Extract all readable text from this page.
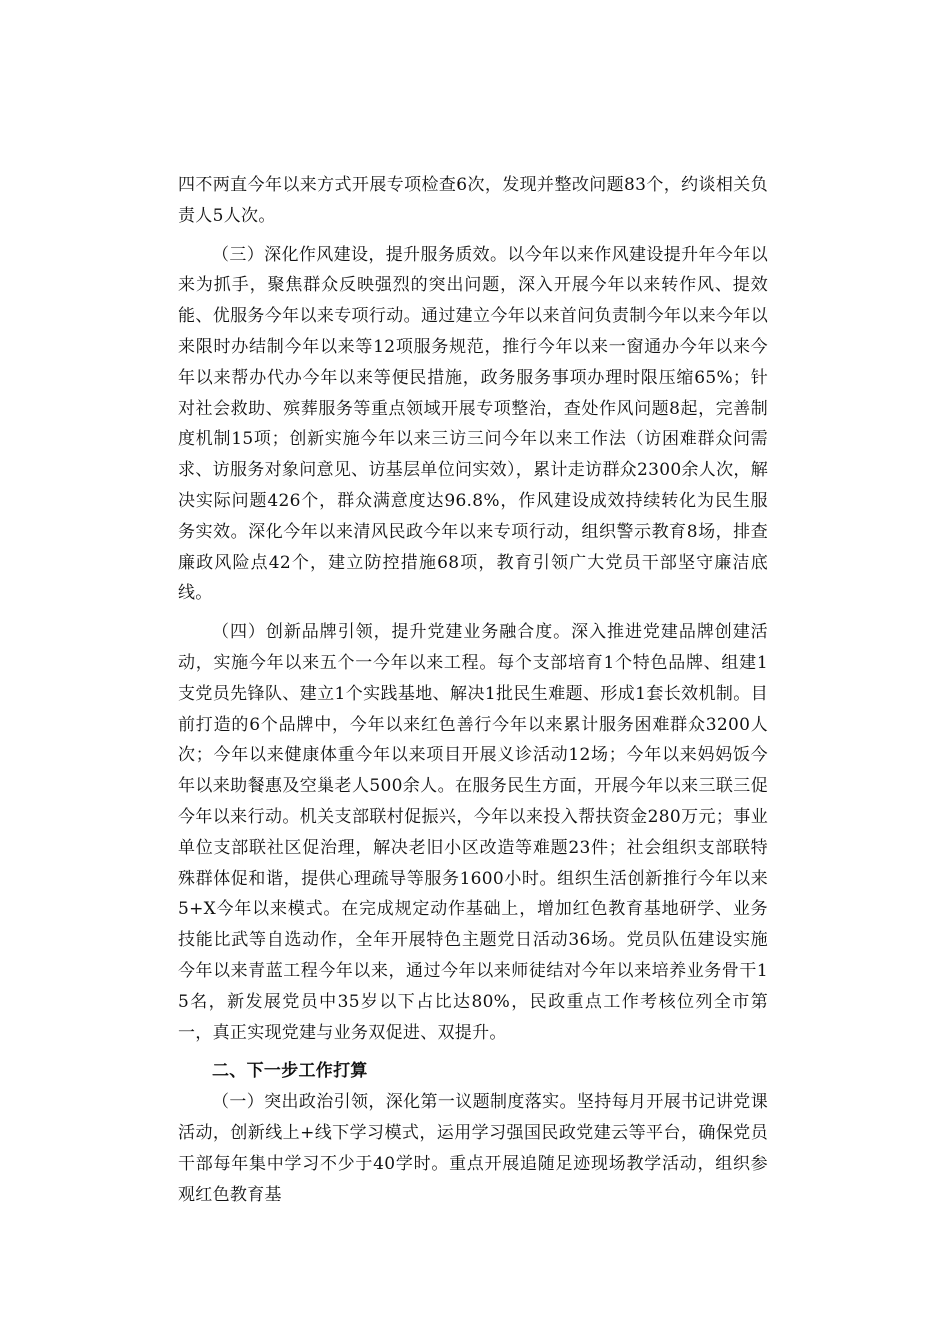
四不两直今年以来方式开展专项检查6次，发现并整改问题83个，约谈相关负责人5人次。

（三）深化作风建设，提升服务质效。以今年以来作风建设提升年今年以来为抓手，聚焦群众反映强烈的突出问题，深入开展今年以来转作风、提效能、优服务今年以来专项行动。通过建立今年以来首问负责制今年以来今年以来限时办结制今年以来等12项服务规范，推行今年以来一窗通办今年以来今年以来帮办代办今年以来等便民措施，政务服务事项办理时限压缩65%；针对社会救助、殡葬服务等重点领域开展专项整治，查处作风问题8起，完善制度机制15项；创新实施今年以来三访三问今年以来工作法（访困难群众问需求、访服务对象问意见、访基层单位问实效），累计走访群众2300余人次，解决实际问题426个，群众满意度达96.8%，作风建设成效持续转化为民生服务实效。深化今年以来清风民政今年以来专项行动，组织警示教育8场，排查廉政风险点42个，建立防控措施68项，教育引领广大党员干部坚守廉洁底线。

（四）创新品牌引领，提升党建业务融合度。深入推进党建品牌创建活动，实施今年以来五个一今年以来工程。每个支部培育1个特色品牌、组建1支党员先锋队、建立1个实践基地、解决1批民生难题、形成1套长效机制。目前打造的6个品牌中，今年以来红色善行今年以来累计服务困难群众3200人次；今年以来健康体重今年以来项目开展义诊活动12场；今年以来妈妈饭今年以来助餐惠及空巢老人500余人。在服务民生方面，开展今年以来三联三促今年以来行动。机关支部联村促振兴，今年以来投入帮扶资金280万元；事业单位支部联社区促治理，解决老旧小区改造等难题23件；社会组织支部联特殊群体促和谐，提供心理疏导等服务1600小时。组织生活创新推行今年以来5+X今年以来模式。在完成规定动作基础上，增加红色教育基地研学、业务技能比武等自选动作，全年开展特色主题党日活动36场。党员队伍建设实施今年以来青蓝工程今年以来，通过今年以来师徒结对今年以来培养业务骨干15名，新发展党员中35岁以下占比达80%，民政重点工作考核位列全市第一，真正实现党建与业务双促进、双提升。

二、下一步工作打算

（一）突出政治引领，深化第一议题制度落实。坚持每月开展书记讲党课活动，创新线上+线下学习模式，运用学习强国民政党建云等平台，确保党员干部每年集中学习不少于40学时。重点开展追随足迹现场教学活动，组织参观红色教育基
